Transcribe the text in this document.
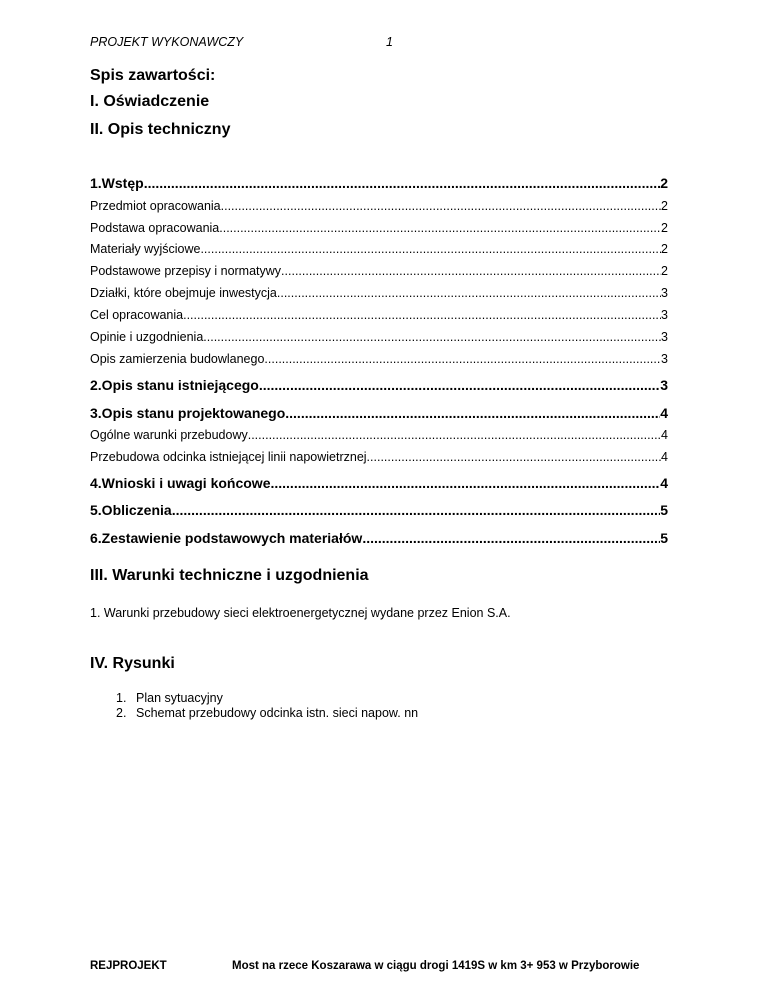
PROJEKT WYKONAWCZY	1
Spis zawartości:
I. Oświadczenie
II. Opis techniczny
1.Wstęp .....	2
Przedmiot opracowania .....	2
Podstawa opracowania .....	2
Materiały wyjściowe .....	2
Podstawowe przepisy i normatywy .....	2
Działki, które obejmuje inwestycja .....	3
Cel opracowania .....	3
Opinie i uzgodnienia .....	3
Opis zamierzenia budowlanego .....	3
2.Opis stanu istniejącego .....	3
3.Opis stanu projektowanego .....	4
Ogólne warunki przebudowy .....	4
Przebudowa odcinka istniejącej linii napowietrznej .....	4
4.Wnioski i uwagi końcowe .....	4
5.Obliczenia .....	5
6.Zestawienie podstawowych materiałów .....	5
III. Warunki techniczne i uzgodnienia
1. Warunki przebudowy sieci elektroenergetycznej wydane przez Enion S.A.
IV. Rysunki
1. Plan sytuacyjny
2. Schemat przebudowy odcinka istn. sieci napow. nn
REJPROJEKT	Most na rzece Koszarawa w ciągu drogi 1419S w km 3+ 953 w Przyborowie
